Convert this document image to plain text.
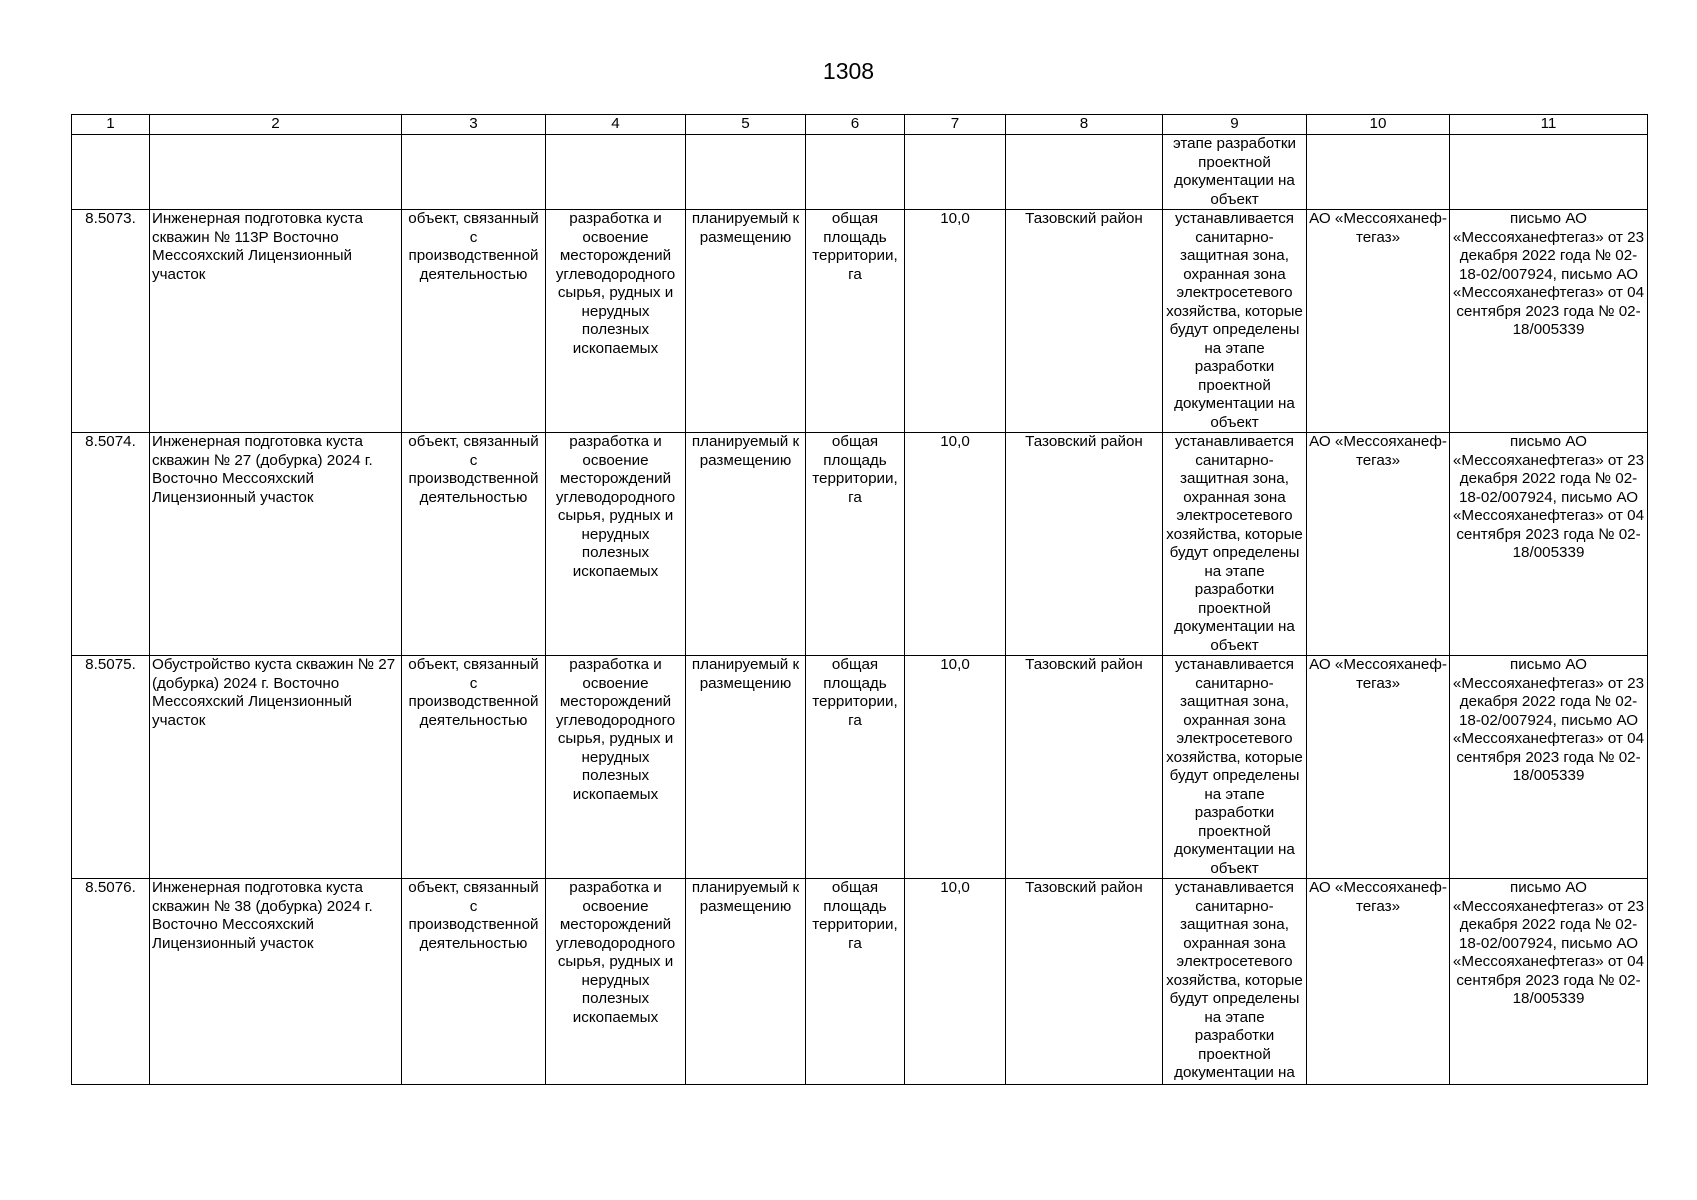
1308
1	2	3	4	5	6	7	8	9	10	11
								этапе разработки проектной документации на объект		
8.5073.	Инженерная подготовка куста скважин № 113Р Восточно Мессояхский Лицензионный участок	объект, связанный с производственной деятельностью	разработка и освоение месторождений углеводородного сырья, рудных и нерудных полезных ископаемых	планируемый к размещению	общая площадь территории, га	10,0	Тазовский район	устанавливается санитарно-защитная зона, охранная зона электросетевого хозяйства, которые будут определены на этапе разработки проектной документации на объект	АО «Мессояханеф-тегаз»	письмо АО «Мессояханефтегаз» от 23 декабря 2022 года № 02-18-02/007924, письмо АО «Мессояханефтегаз» от 04 сентября 2023 года № 02-18/005339
8.5074.	Инженерная подготовка куста скважин № 27 (добурка) 2024 г. Восточно Мессояхский Лицензионный участок	объект, связанный с производственной деятельностью	разработка и освоение месторождений углеводородного сырья, рудных и нерудных полезных ископаемых	планируемый к размещению	общая площадь территории, га	10,0	Тазовский район	устанавливается санитарно-защитная зона, охранная зона электросетевого хозяйства, которые будут определены на этапе разработки проектной документации на объект	АО «Мессояханеф-тегаз»	письмо АО «Мессояханефтегаз» от 23 декабря 2022 года № 02-18-02/007924, письмо АО «Мессояханефтегаз» от 04 сентября 2023 года № 02-18/005339
8.5075.	Обустройство куста скважин № 27 (добурка) 2024 г. Восточно Мессояхский Лицензионный участок	объект, связанный с производственной деятельностью	разработка и освоение месторождений углеводородного сырья, рудных и нерудных полезных ископаемых	планируемый к размещению	общая площадь территории, га	10,0	Тазовский район	устанавливается санитарно-защитная зона, охранная зона электросетевого хозяйства, которые будут определены на этапе разработки проектной документации на объект	АО «Мессояханеф-тегаз»	письмо АО «Мессояханефтегаз» от 23 декабря 2022 года № 02-18-02/007924, письмо АО «Мессояханефтегаз» от 04 сентября 2023 года № 02-18/005339
8.5076.	Инженерная подготовка куста скважин № 38 (добурка) 2024 г. Восточно Мессояхский Лицензионный участок	объект, связанный с производственной деятельностью	разработка и освоение месторождений углеводородного сырья, рудных и нерудных полезных ископаемых	планируемый к размещению	общая площадь территории, га	10,0	Тазовский район	устанавливается санитарно-защитная зона, охранная зона электросетевого хозяйства, которые будут определены на этапе разработки проектной документации на	АО «Мессояханеф-тегаз»	письмо АО «Мессояханефтегаз» от 23 декабря 2022 года № 02-18-02/007924, письмо АО «Мессояханефтегаз» от 04 сентября 2023 года № 02-18/005339
